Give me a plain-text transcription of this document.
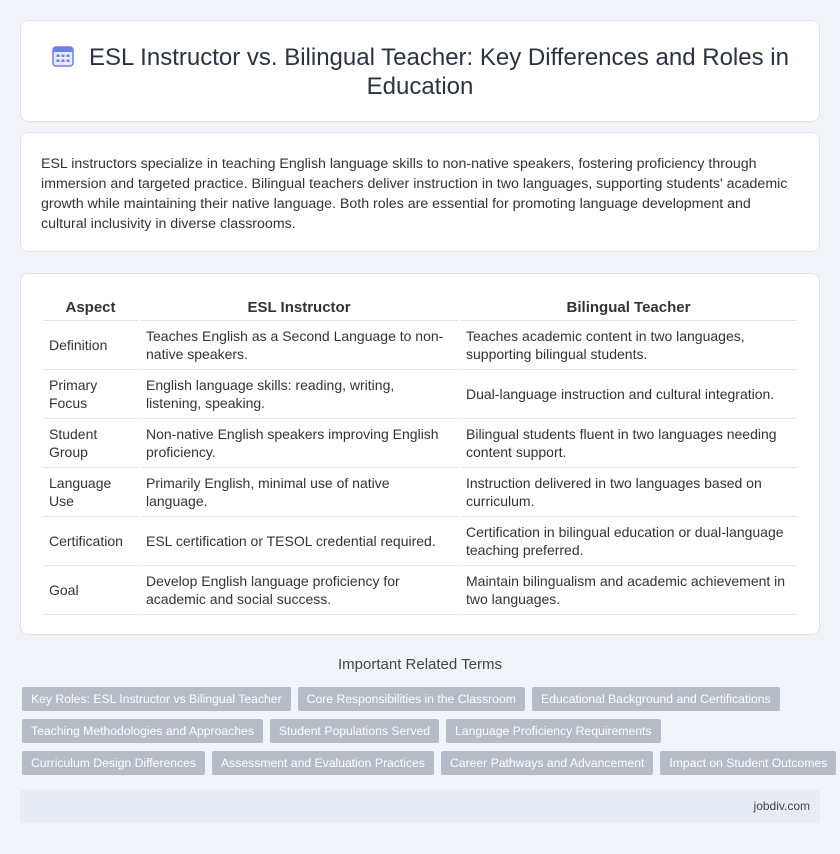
ESL Instructor vs. Bilingual Teacher: Key Differences and Roles in Education

ESL instructors specialize in teaching English language skills to non-native speakers, fostering proficiency through immersion and targeted practice. Bilingual teachers deliver instruction in two languages, supporting students' academic growth while maintaining their native language. Both roles are essential for promoting language development and cultural inclusivity in diverse classrooms.

Aspect	ESL Instructor	Bilingual Teacher
Definition	Teaches English as a Second Language to non-native speakers.	Teaches academic content in two languages, supporting bilingual students.
Primary Focus	English language skills: reading, writing, listening, speaking.	Dual-language instruction and cultural integration.
Student Group	Non-native English speakers improving English proficiency.	Bilingual students fluent in two languages needing content support.
Language Use	Primarily English, minimal use of native language.	Instruction delivered in two languages based on curriculum.
Certification	ESL certification or TESOL credential required.	Certification in bilingual education or dual-language teaching preferred.
Goal	Develop English language proficiency for academic and social success.	Maintain bilingualism and academic achievement in two languages.
Important Related Terms
Key Roles: ESL Instructor vs Bilingual Teacher Core Responsibilities in the Classroom Educational Background and Certifications
Teaching Methodologies and Approaches Student Populations Served Language Proficiency Requirements
Curriculum Design Differences Assessment and Evaluation Practices Career Pathways and Advancement Impact on Student Outcomes
jobdiv.com
